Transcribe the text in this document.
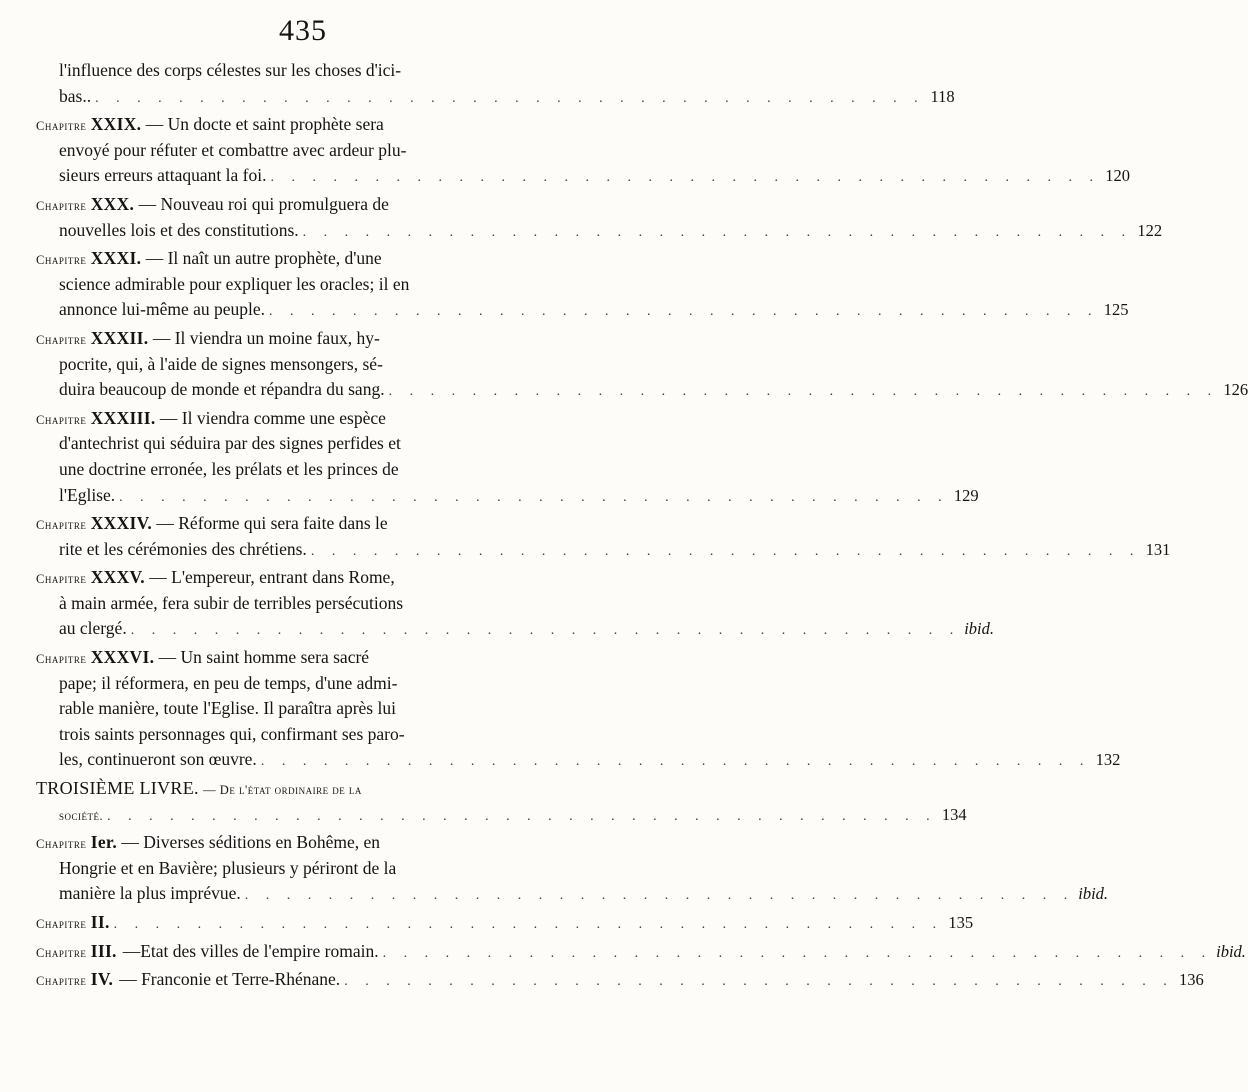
435
l'influence des corps célestes sur les choses d'ici-
bas.. . . . . . . . . . . . . . . . . . . . . . . . . . . . . . . . . . . . . . . . . 118
Chapitre XXIX. — Un docte et saint prophète sera
envoyé pour réfuter et combattre avec ardeur plu-
sieurs erreurs attaquant la foi. . . . . . . . . . . . . . . . . . . . . . . . . . . . . . . . . . . . . . . . . 120
Chapitre XXX. — Nouveau roi qui promulguera de
nouvelles lois et des constitutions. . . . . . . . . . . . . . . . . . . . . . . . . . . . . . . . . . . . . . . . . 122
Chapitre XXXI. — Il naît un autre prophète, d'une
science admirable pour expliquer les oracles; il en
annonce lui-même au peuple. . . . . . . . . . . . . . . . . . . . . . . . . . . . . . . . . . . . . . . . . 125
Chapitre XXXII. — Il viendra un moine faux, hy-
pocrite, qui, à l'aide de signes mensongers, sé-
duira beaucoup de monde et répandra du sang. . . . . . . . . . . . . . . . . . . . . . . . . . . . . . . . . . . . . . . . . 126
Chapitre XXXIII. — Il viendra comme une espèce
d'antechrist qui séduira par des signes perfides et
une doctrine erronée, les prélats et les princes de
l'Eglise. . . . . . . . . . . . . . . . . . . . . . . . . . . . . . . . . . . . . . . . . 129
Chapitre XXXIV. — Réforme qui sera faite dans le
rite et les cérémonies des chrétiens. . . . . . . . . . . . . . . . . . . . . . . . . . . . . . . . . . . . . . . . . 131
Chapitre XXXV. — L'empereur, entrant dans Rome,
à main armée, fera subir de terribles persécutions
au clergé. . . . . . . . . . . . . . . . . . . . . . . . . . . . . . . . . . . . . . . . . ibid.
Chapitre XXXVI. — Un saint homme sera sacré
pape; il réformera, en peu de temps, d'une admi-
rable manière, toute l'Eglise. Il paraîtra après lui
trois saints personnages qui, confirmant ses paro-
les, continueront son œuvre. . . . . . . . . . . . . . . . . . . . . . . . . . . . . . . . . . . . . . . . . 132
TROISIÈME LIVRE. — De l'état ordinaire de la
société. . . . . . . . . . . . . . . . . . . . . . . . . . . . . . . . . . . . . . . . . 134
Chapitre Ier. — Diverses séditions en Bohême, en
Hongrie et en Bavière; plusieurs y périront de la
manière la plus imprévue. . . . . . . . . . . . . . . . . . . . . . . . . . . . . . . . . . . . . . . . . ibid.
Chapitre II. . . . . . . . . . . . . . . . . . . . . . . . . . . . . . . . . . . . . . . . . 135
Chapitre III. —Etat des villes de l'empire romain. . . . . . . . . . . . . . . . . . . . . . . . . . . . . . . . . . . . . . . . . ibid.
Chapitre IV. — Franconie et Terre-Rhénane. . . . . . . . . . . . . . . . . . . . . . . . . . . . . . . . . . . . . . . . . 136
